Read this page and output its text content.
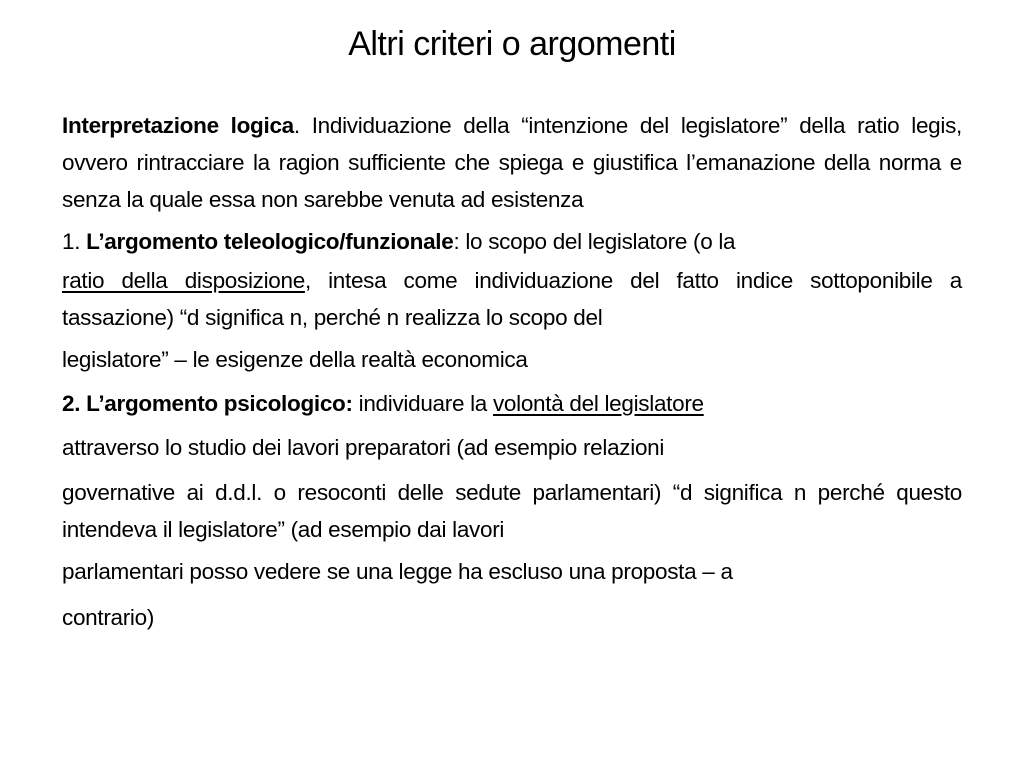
Altri criteri o argomenti

Interpretazione logica. Individuazione della “intenzione del legislatore” della ratio legis, ovvero rintracciare la ragion sufficiente che spiega e giustifica l’emanazione della norma e senza la quale essa non sarebbe venuta ad esistenza

1. L’argomento teleologico/funzionale: lo scopo del legislatore (o la

ratio della disposizione, intesa come individuazione del fatto indice sottoponibile a tassazione) “d significa n, perché n realizza lo scopo del

legislatore” – le esigenze della realtà economica

2. L’argomento psicologico: individuare la volontà del legislatore

attraverso lo studio dei lavori preparatori (ad esempio relazioni

governative ai d.d.l. o resoconti delle sedute parlamentari) “d significa n perché questo intendeva il legislatore” (ad esempio dai lavori

parlamentari posso vedere se una legge ha escluso una proposta – a

contrario)
